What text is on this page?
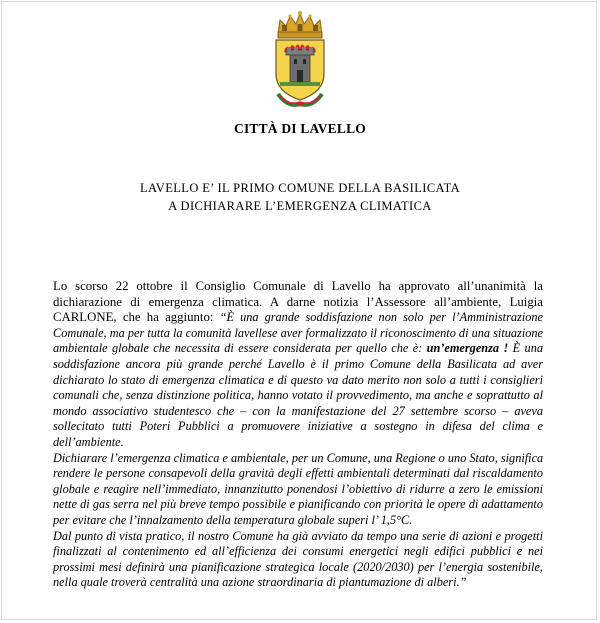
CITTÀ DI LAVELLO
LAVELLO E’ IL PRIMO COMUNE DELLA BASILICATA
A DICHIARARE L’EMERGENZA CLIMATICA
Lo scorso 22 ottobre il Consiglio Comunale di Lavello ha approvato all’unanimità la
dichiarazione di emergenza climatica. A darne notizia l’Assessore all’ambiente, Luigia
CARLONE, che ha aggiunto: “È una grande soddisfazione non solo per l’Amministrazione
Comunale, ma per tutta la comunità lavellese aver formalizzato il riconoscimento di una situazione
ambientale globale che necessita di essere considerata per quello che è: un’emergenza ! È una
soddisfazione ancora più grande perché Lavello è il primo Comune della Basilicata ad aver
dichiarato lo stato di emergenza climatica e di questo va dato merito non solo a tutti i consiglieri
comunali che, senza distinzione politica, hanno votato il provvedimento, ma anche e soprattutto al
mondo associativo studentesco che – con la manifestazione del 27 settembre scorso – aveva
sollecitato tutti Poteri Pubblici a promuovere iniziative a sostegno in difesa del clima e
dell’ambiente.
Dichiarare l’emergenza climatica e ambientale, per un Comune, una Regione o uno Stato, significa
rendere le persone consapevoli della gravità degli effetti ambientali determinati dal riscaldamento
globale e reagire nell’immediato, innanzitutto ponendosi l’obiettivo di ridurre a zero le emissioni
nette di gas serra nel più breve tempo possibile e pianificando con priorità le opere di adattamento
per evitare che l’innalzamento della temperatura globale superi l’ 1,5°C.
Dal punto di vista pratico, il nostro Comune ha già avviato da tempo una serie di azioni e progetti
finalizzati al contenimento ed all’efficienza dei consumi energetici negli edifici pubblici e nei
prossimi mesi definirà una pianificazione strategica locale (2020/2030) per l’energia sostenibile,
nella quale troverà centralità una azione straordinaria di piantumazione di alberi.”
